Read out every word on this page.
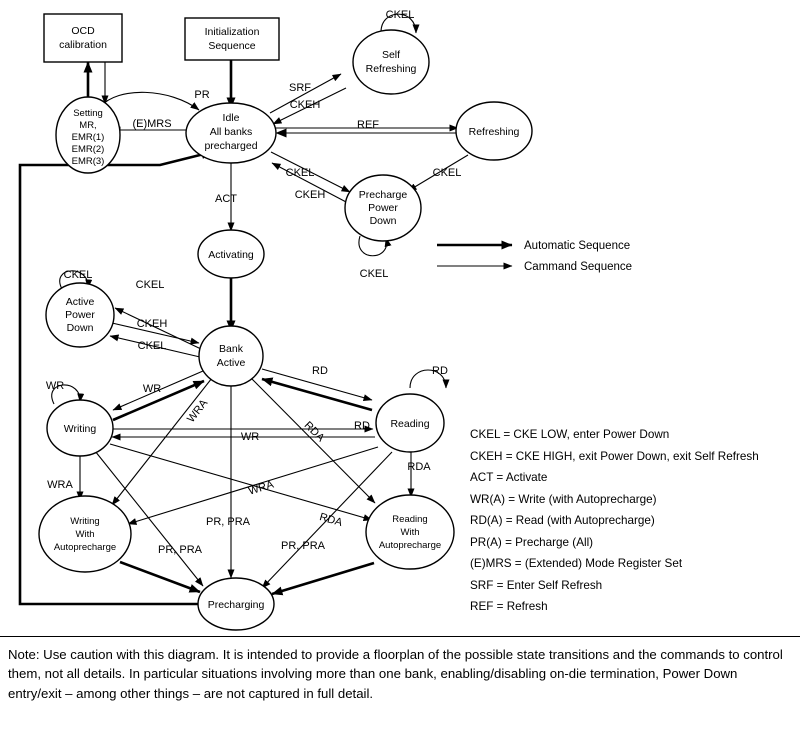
OCD
calibration
Initialization
Sequence
Setting
MR,
EMR(1)
EMR(2)
EMR(3)
Idle
All banks
precharged
Self
Refreshing
Refreshing
Precharge
Power
Down
Activating
Active
Power
Down
Bank
Active
Writing	Reading
Writing
With
Autoprecharge
Reading
With
Autoprecharge
Precharging
CKEL
SRF
CKEH
PR
(E)MRS	REF
CKEL
CKEH
CKEL
CKEL
ACT
CKEL
CKEL
CKEH
CKEL
WR	WR
RD	RD
WRA
WR	RDA RD
RDA
WRA	WRA
RDA
PR, PRA
PR, PRA
PR, PRA
Automatic Sequence
Cammand Sequence
CKEL = CKE LOW, enter Power Down
CKEH = CKE HIGH, exit Power Down, exit Self Refresh
ACT = Activate
WR(A) = Write (with Autoprecharge)
RD(A) = Read (with Autoprecharge)
PR(A) = Precharge (All)
(E)MRS = (Extended) Mode Register Set
SRF = Enter Self Refresh
REF = Refresh
Note: Use caution with this diagram. It is intended to provide a floorplan of the possible state transitions and the commands to control them, not all details. In particular situations involving more than one bank, enabling/disabling on-die termination, Power Down entry/exit – among other things – are not captured in full detail.
